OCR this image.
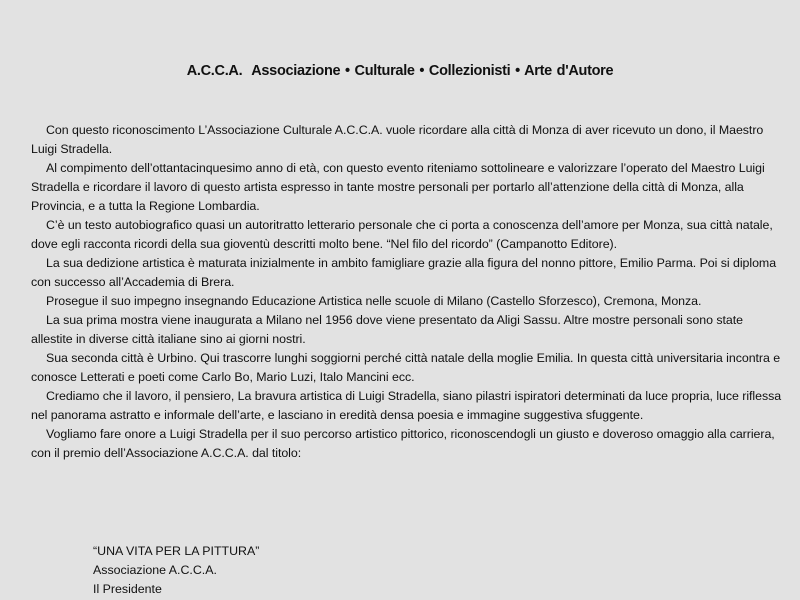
A.C.C.A.  Associazione • Culturale • Collezionisti • Arte d'Autore

Con questo riconoscimento L’Associazione Culturale A.C.C.A. vuole ricordare alla città di Monza di aver ricevuto un dono, il Maestro Luigi Stradella.

Al compimento dell’ottantacinquesimo anno di età, con questo evento riteniamo sottolineare e valorizzare l’operato del Maestro Luigi Stradella e ricordare il lavoro di questo artista espresso in tante mostre personali per portarlo all’attenzione della città di Monza, alla Provincia, e a tutta la Regione Lombardia.

C’è un testo autobiografico quasi un autoritratto letterario personale che ci porta a conoscenza dell’amore per Monza, sua città natale, dove egli racconta ricordi della sua gioventù descritti molto bene. “Nel filo del ricordo” (Campanotto Editore).

La sua dedizione artistica è maturata inizialmente in ambito famigliare grazie alla figura del nonno pittore, Emilio Parma. Poi si diploma con successo all’Accademia di Brera.

Prosegue il suo impegno insegnando Educazione Artistica nelle scuole di Milano (Castello Sforzesco), Cremona, Monza.

La sua prima mostra viene inaugurata a Milano nel 1956 dove viene presentato da Aligi Sassu. Altre mostre personali sono state allestite in diverse città italiane sino ai giorni nostri.

Sua seconda città è Urbino. Qui trascorre lunghi soggiorni perché città natale della moglie Emilia. In questa città universitaria incontra e conosce Letterati e poeti come Carlo Bo, Mario Luzi, Italo Mancini ecc.

Crediamo che il lavoro, il pensiero, La bravura artistica di Luigi Stradella, siano pilastri ispiratori determinati da luce propria, luce riflessa nel panorama astratto e informale dell’arte, e lasciano in eredità densa poesia e immagine suggestiva sfuggente.

Vogliamo fare onore a Luigi Stradella per il suo percorso artistico pittorico, riconoscendogli un giusto e doveroso omaggio alla carriera, con il premio dell’Associazione A.C.C.A. dal titolo:

“UNA VITA PER LA PITTURA”
Associazione A.C.C.A.
Il Presidente
